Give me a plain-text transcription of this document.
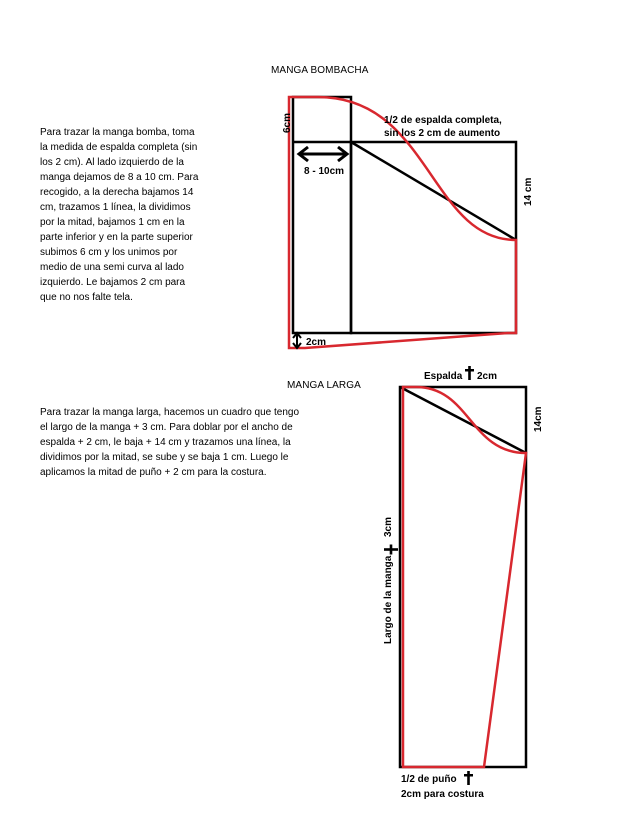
MANGA BOMBACHA

Para trazar la manga bomba, toma
la medida de espalda completa (sin
los 2 cm). Al lado izquierdo de la
manga dejamos de 8 a 10 cm. Para
recogido, a la derecha bajamos 14
cm, trazamos 1 línea, la dividimos
por la mitad, bajamos 1 cm en la
parte inferior y en la parte superior
subimos 6 cm y los unimos por
medio de una semi curva al lado
izquierdo. Le bajamos 2 cm para
que no nos falte tela.

MANGA LARGA

Para trazar la manga larga, hacemos un cuadro que tengo
el largo de la manga + 3 cm. Para doblar por el ancho de
espalda + 2 cm, le baja + 14 cm y trazamos una línea, la
dividimos por la mitad, se sube y se baja 1 cm. Luego le
aplicamos la mitad de puño + 2 cm para la costura.

6cm	1/2 de espalda completa,
sin los 2 cm de aumento
8 - 10cm
14 cm
2cm
Espalda 2cm
14cm
Largo de la manga
3cm
1/2 de puño
2cm para costura
